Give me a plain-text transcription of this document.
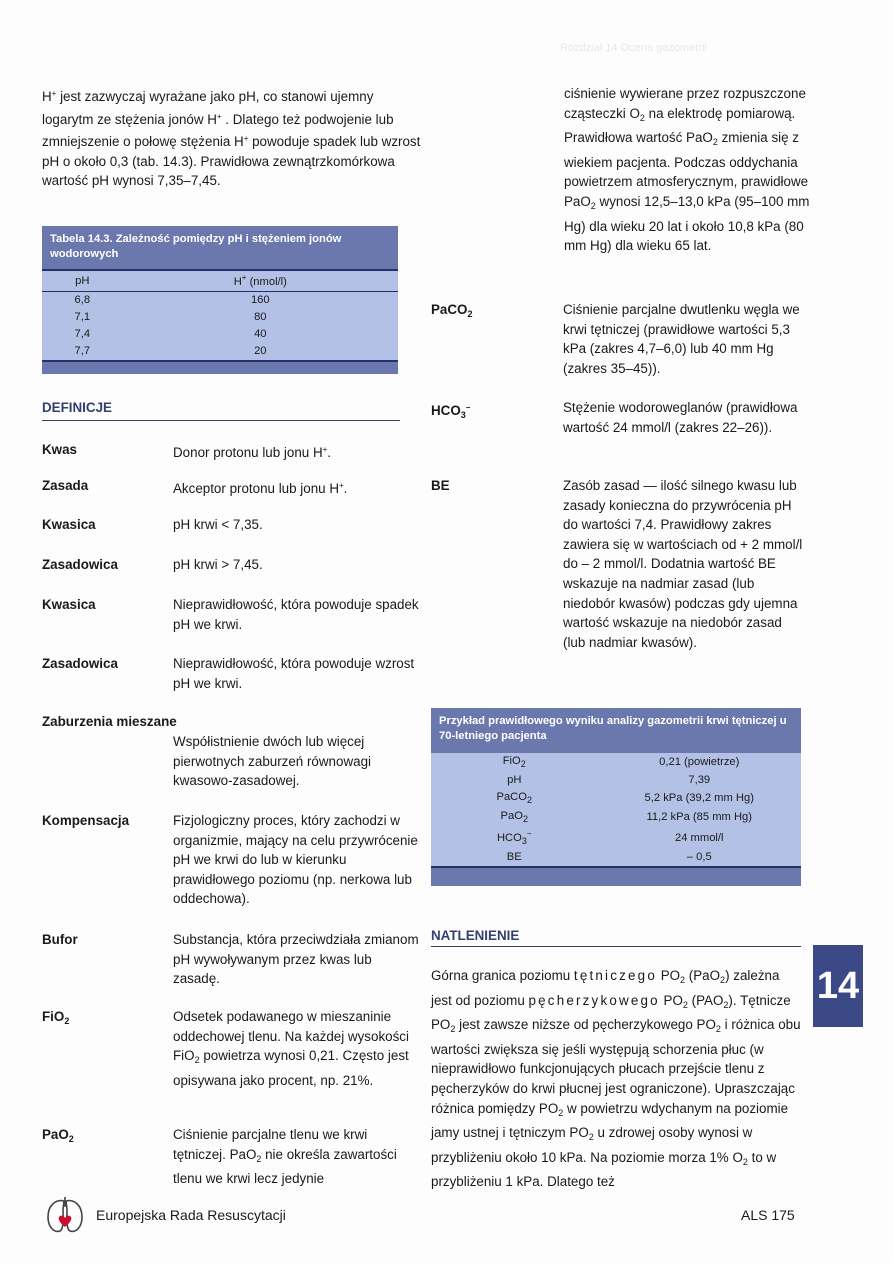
Rozdział 14 Ocena gazometrii
H+ jest zazwyczaj wyrażane jako pH, co stanowi ujemny logarytm ze stężenia jonów H+ . Dlatego też podwojenie lub zmniejszenie o połowę stężenia H+ powoduje spadek lub wzrost pH o około 0,3 (tab. 14.3). Prawidłowa zewnątrzkomórkowa wartość pH wynosi 7,35–7,45.
Tabela 14.3. Zależność pomiędzy pH i stężeniem jonów wodorowych
pH	H+ (nmol/l)
6,8	160
7,1	80
7,4	40
7,7	20
DEFINICJE
Kwas	Donor protonu lub jonu H+.
Zasada	Akceptor protonu lub jonu H+.
Kwasica	pH krwi < 7,35.
Zasadowica	pH krwi > 7,45.
Kwasica	Nieprawidłowość, która powoduje spadek pH we krwi.
Zasadowica	Nieprawidłowość, która powoduje wzrost pH we krwi.
Zaburzenia mieszane
Współistnienie dwóch lub więcej pierwotnych zaburzeń równowagi kwasowo-zasadowej.
Kompensacja	Fizjologiczny proces, który zachodzi w organizmie, mający na celu przywrócenie pH we krwi do lub w kierunku prawidłowego poziomu (np. nerkowa lub oddechowa).
Bufor	Substancja, która przeciwdziała zmianom pH wywoływanym przez kwas lub zasadę.
FiO$_2$	Odsetek podawanego w mieszaninie oddechowej tlenu. Na każdej wysokości FiO$_2$ powietrza wynosi 0,21. Często jest opisywana jako procent, np. 21%.
PaO$_2$	Ciśnienie parcjalne tlenu we krwi tętniczej. PaO$_2$ nie określa zawartości tlenu we krwi lecz jedynie
ciśnienie wywierane przez rozpuszczone cząsteczki $O_2$ na elektrodę pomiarową. Prawidłowa wartość PaO$_2$ zmienia się z wiekiem pacjenta. Podczas oddychania powietrzem atmosferycznym, prawidłowe PaO$_2$ wynosi 12,5–13,0 kPa (95–100 mm Hg) dla wieku 20 lat i około 10,8 kPa (80 mm Hg) dla wieku 65 lat.
PaCO$_2$	Ciśnienie parcjalne dwutlenku węgla we krwi tętniczej (prawidłowe wartości 5,3 kPa (zakres 4,7–6,0) lub 40 mm Hg (zakres 35–45)).
$HCO_3^-$	Stężenie wodoroweglanów (prawidłowa wartość 24 mmol/l (zakres 22–26)).
BE	Zasób zasad — ilość silnego kwasu lub zasady konieczna do przywrócenia pH do wartości 7,4. Prawidłowy zakres zawiera się w wartościach od + 2 mmol/l do – 2 mmol/l. Dodatnia wartość BE wskazuje na nadmiar zasad (lub niedobór kwasów) podczas gdy ujemna wartość wskazuje na niedobór zasad (lub nadmiar kwasów).
Przykład prawidłowego wyniku analizy gazometrii krwi tętniczej u 70-letniego pacjenta
FiO$_2$	0,21 (powietrze)
pH	7,39
PaCO$_2$	5,2 kPa (39,2 mm Hg)
PaO$_2$	11,2 kPa (85 mm Hg)
$HCO_3^-$	24 mmol/l
BE	– 0,5
NATLENIENIE
Górna granica poziomu tętniczego $PO_2$ (PaO$_2$) zależna jest od poziomu pęcherzykowego $PO_2$ $(PAO_2)$. Tętnicze $PO_2$ jest zawsze niższe od pęcherzykowego $PO_2$ i różnica obu wartości zwiększa się jeśli występują schorzenia płuc (w nieprawidłowo funkcjonujących płucach przejście tlenu z pęcherzyków do krwi płucnej jest ograniczone). Upraszczając różnica pomiędzy $PO_2$ w powietrzu wdychanym na poziomie jamy ustnej i tętniczym $PO_2$ u zdrowej osoby wynosi w przybliżeniu około 10 kPa. Na poziomie morza 1% $O_2$ to w przybliżeniu 1 kPa. Dlatego też
14
Europejska Rada Resuscytacji	ALS 175
